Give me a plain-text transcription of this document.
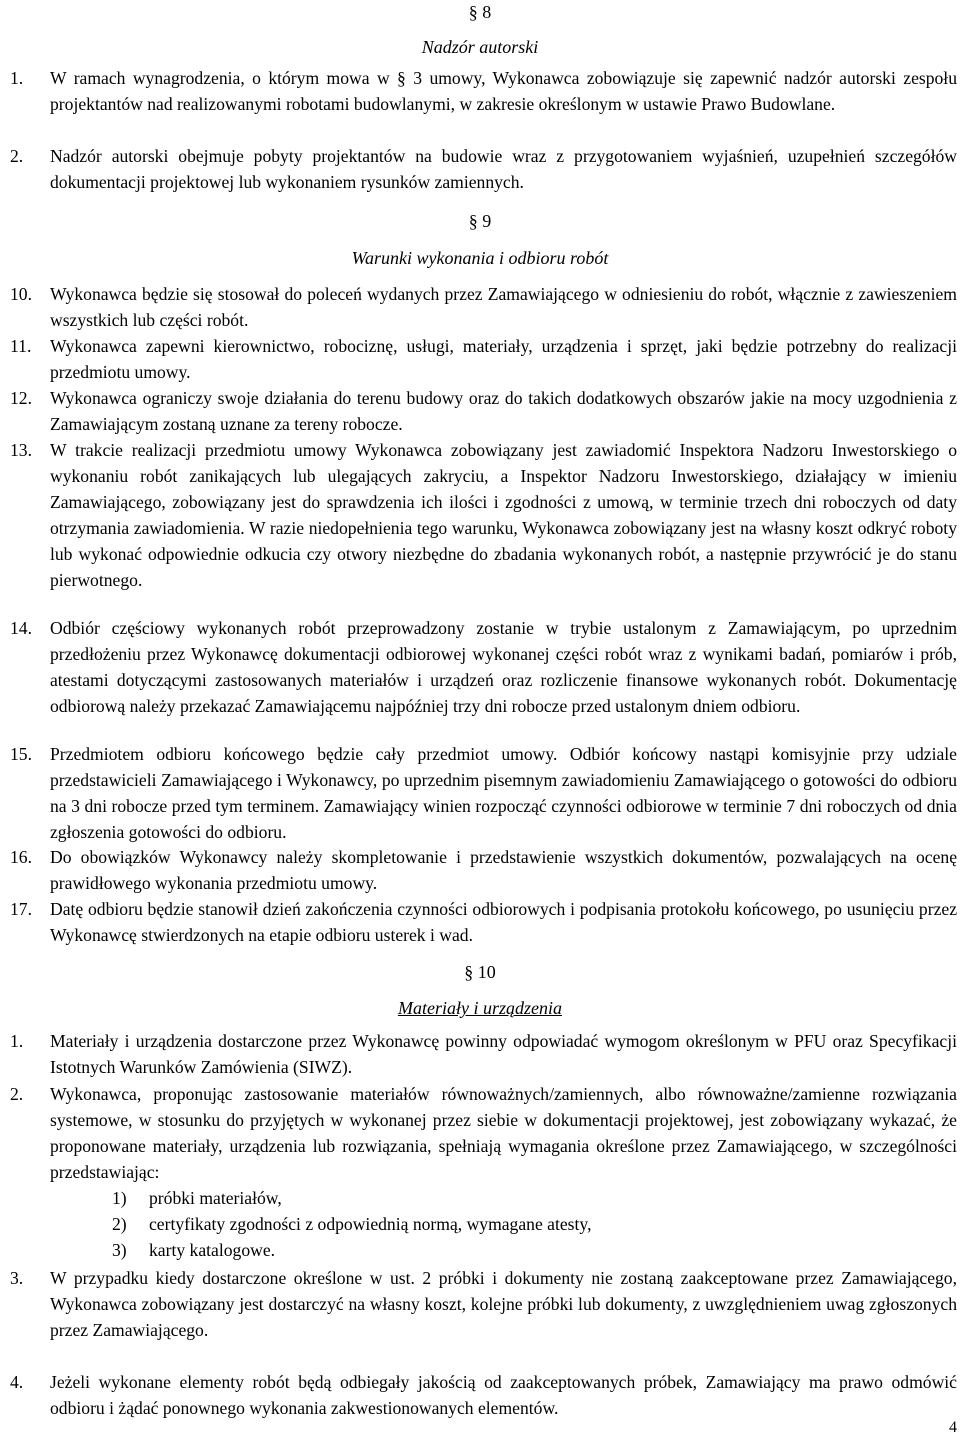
§ 8
Nadzór autorski
1. W ramach wynagrodzenia, o którym mowa w § 3 umowy, Wykonawca zobowiązuje się zapewnić nadzór autorski zespołu projektantów nad realizowanymi robotami budowlanymi, w zakresie określonym w ustawie Prawo Budowlane.
2. Nadzór autorski obejmuje pobyty projektantów na budowie wraz z przygotowaniem wyjaśnień, uzupełnień szczegółów dokumentacji projektowej lub wykonaniem rysunków zamiennych.
§ 9
Warunki wykonania i odbioru robót
10. Wykonawca będzie się stosował do poleceń wydanych przez Zamawiającego w odniesieniu do robót, włącznie z zawieszeniem wszystkich lub części robót.
11. Wykonawca zapewni kierownictwo, robociznę, usługi, materiały, urządzenia i sprzęt, jaki będzie potrzebny do realizacji przedmiotu umowy.
12. Wykonawca ograniczy swoje działania do terenu budowy oraz do takich dodatkowych obszarów jakie na mocy uzgodnienia z Zamawiającym zostaną uznane za tereny robocze.
13. W trakcie realizacji przedmiotu umowy Wykonawca zobowiązany jest zawiadomić Inspektora Nadzoru Inwestorskiego o wykonaniu robót zanikających lub ulegających zakryciu, a Inspektor Nadzoru Inwestorskiego, działający w imieniu Zamawiającego, zobowiązany jest do sprawdzenia ich ilości i zgodności z umową, w terminie trzech dni roboczych od daty otrzymania zawiadomienia. W razie niedopełnienia tego warunku, Wykonawca zobowiązany jest na własny koszt odkryć roboty lub wykonać odpowiednie odkucia czy otwory niezbędne do zbadania wykonanych robót, a następnie przywrócić je do stanu pierwotnego.
14. Odbiór częściowy wykonanych robót przeprowadzony zostanie w trybie ustalonym z Zamawiającym, po uprzednim przedłożeniu przez Wykonawcę dokumentacji odbiorowej wykonanej części robót wraz z wynikami badań, pomiarów i prób, atestami dotyczącymi zastosowanych materiałów i urządzeń oraz rozliczenie finansowe wykonanych robót. Dokumentację odbiorową należy przekazać Zamawiającemu najpóźniej trzy dni robocze przed ustalonym dniem odbioru.
15. Przedmiotem odbioru końcowego będzie cały przedmiot umowy. Odbiór końcowy nastąpi komisyjnie przy udziale przedstawicieli Zamawiającego i Wykonawcy, po uprzednim pisemnym zawiadomieniu Zamawiającego o gotowości do odbioru na 3 dni robocze przed tym terminem. Zamawiający winien rozpocząć czynności odbiorowe w terminie 7 dni roboczych od dnia zgłoszenia gotowości do odbioru.
16. Do obowiązków Wykonawcy należy skompletowanie i przedstawienie wszystkich dokumentów, pozwalających na ocenę prawidłowego wykonania przedmiotu umowy.
17. Datę odbioru będzie stanowił dzień zakończenia czynności odbiorowych i podpisania protokołu końcowego, po usunięciu przez Wykonawcę stwierdzonych na etapie odbioru usterek i wad.
§ 10
Materiały i urządzenia
1. Materiały i urządzenia dostarczone przez Wykonawcę powinny odpowiadać wymogom określonym w PFU oraz Specyfikacji Istotnych Warunków Zamówienia (SIWZ).
2. Wykonawca, proponując zastosowanie materiałów równoważnych/zamiennych, albo równoważne/zamienne rozwiązania systemowe, w stosunku do przyjętych w wykonanej przez siebie w dokumentacji projektowej, jest zobowiązany wykazać, że proponowane materiały, urządzenia lub rozwiązania, spełniają wymagania określone przez Zamawiającego, w szczególności przedstawiając:
1) próbki materiałów,
2) certyfikaty zgodności z odpowiednią normą, wymagane atesty,
3) karty katalogowe.
3. W przypadku kiedy dostarczone określone w ust. 2 próbki i dokumenty nie zostaną zaakceptowane przez Zamawiającego, Wykonawca zobowiązany jest dostarczyć na własny koszt, kolejne próbki lub dokumenty, z uwzględnieniem uwag zgłoszonych przez Zamawiającego.
4. Jeżeli wykonane elementy robót będą odbiegały jakością od zaakceptowanych próbek, Zamawiający ma prawo odmówić odbioru i żądać ponownego wykonania zakwestionowanych elementów.
4
